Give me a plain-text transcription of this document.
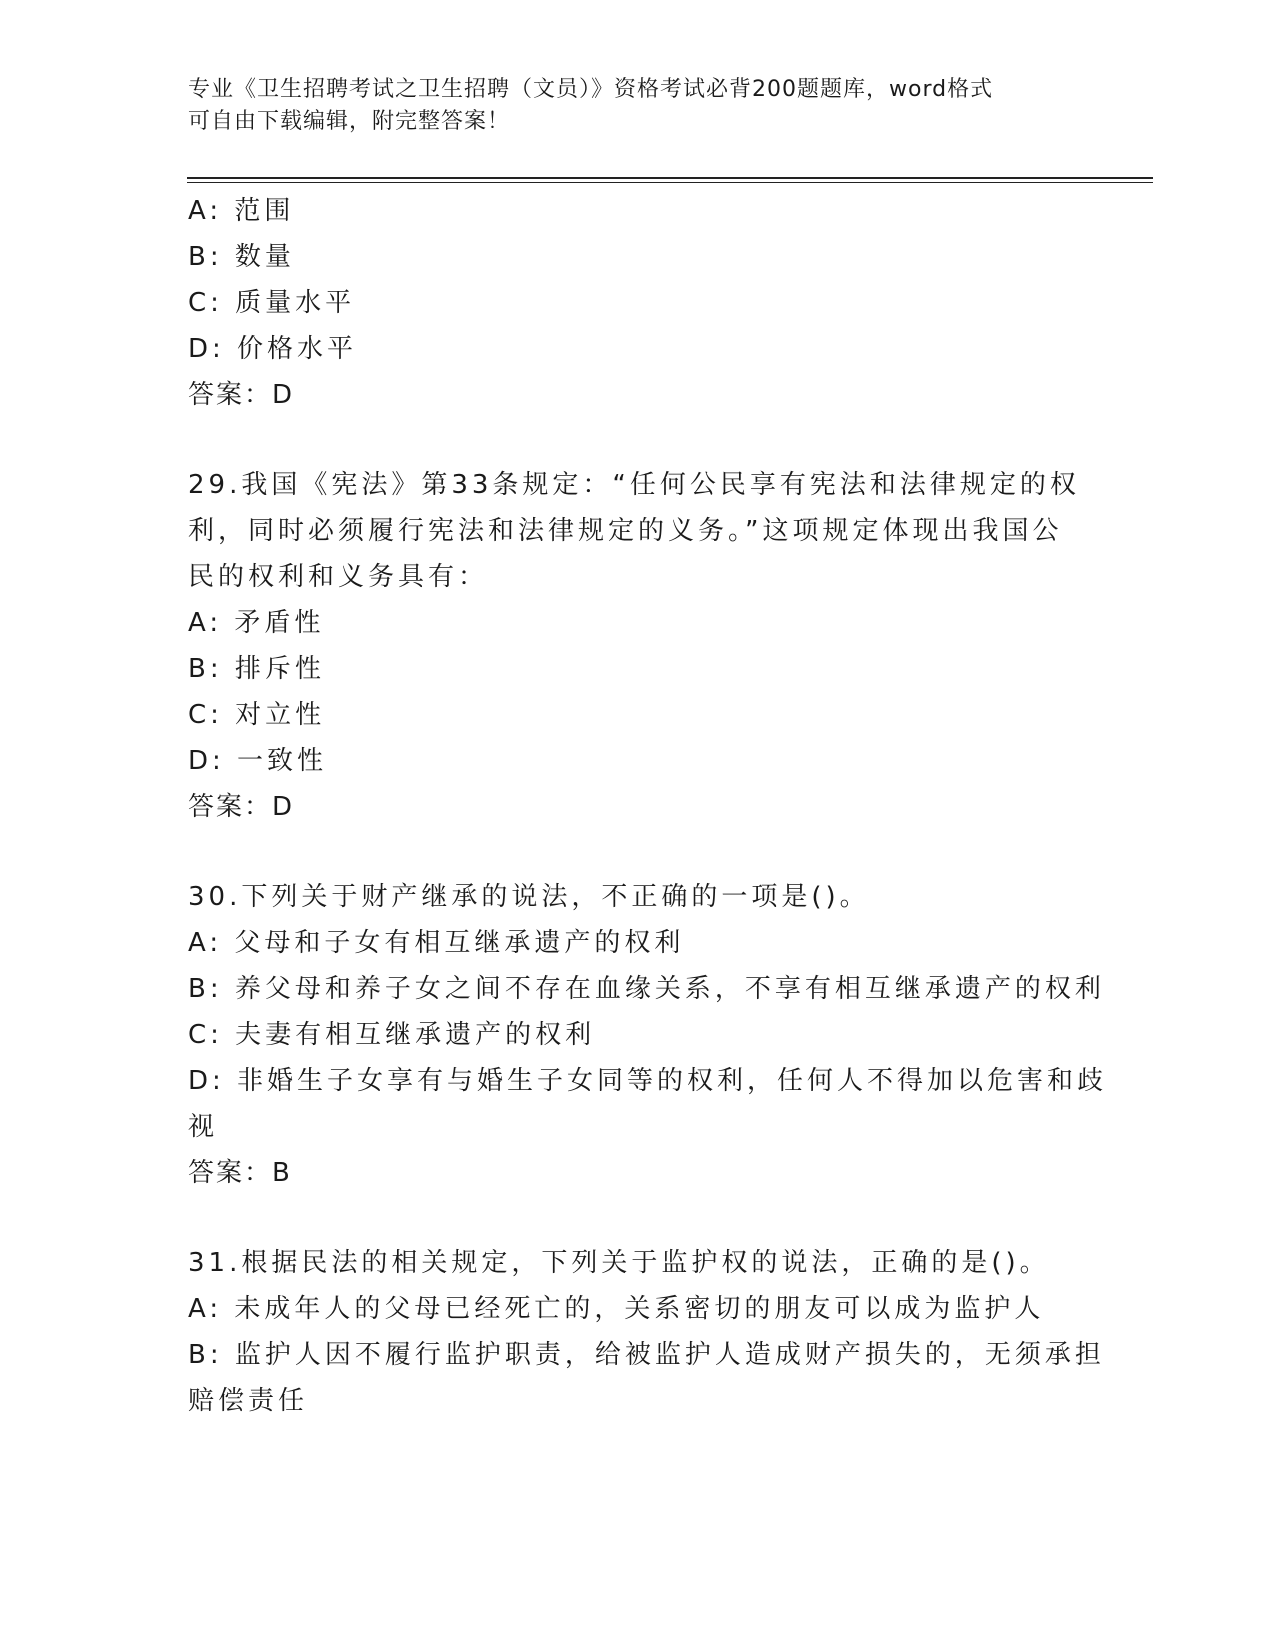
专业《卫生招聘考试之卫生招聘（文员）》资格考试必背200题题库，word格式
可自由下载编辑，附完整答案！
A: 范围
B: 数量
C: 质量水平
D: 价格水平
答案：D
29.我国《宪法》第33条规定：“任何公民享有宪法和法律规定的权
利，同时必须履行宪法和法律规定的义务。”这项规定体现出我国公
民的权利和义务具有：
A: 矛盾性
B: 排斥性
C: 对立性
D: 一致性
答案：D
30.下列关于财产继承的说法，不正确的一项是()。
A: 父母和子女有相互继承遗产的权利
B: 养父母和养子女之间不存在血缘关系，不享有相互继承遗产的权利
C: 夫妻有相互继承遗产的权利
D: 非婚生子女享有与婚生子女同等的权利，任何人不得加以危害和歧
视
答案：B
31.根据民法的相关规定，下列关于监护权的说法，正确的是()。
A: 未成年人的父母已经死亡的，关系密切的朋友可以成为监护人
B: 监护人因不履行监护职责，给被监护人造成财产损失的，无须承担
赔偿责任
